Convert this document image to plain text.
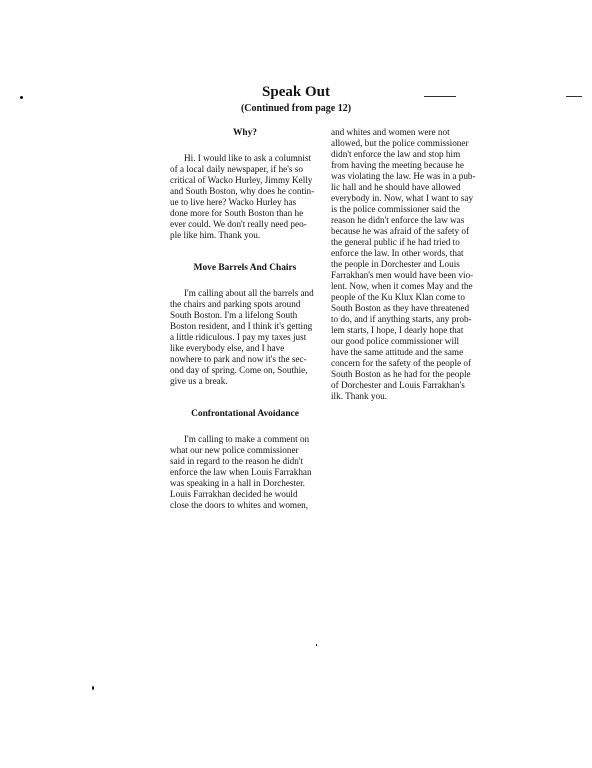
Speak Out
(Continued from page 12)
Why?

Hi. I would like to ask a columnist
of a local daily newspaper, if he's so
critical of Wacko Hurley, Jimmy Kelly
and South Boston, why does he contin-
ue to live here? Wacko Hurley has
done more for South Boston than he
ever could. We don't really need peo-
ple like him. Thank you.

Move Barrels And Chairs

I'm calling about all the barrels and
the chairs and parking spots around
South Boston. I'm a lifelong South
Boston resident, and I think it's getting
a little ridiculous. I pay my taxes just
like everybody else, and I have
nowhere to park and now it's the sec-
ond day of spring. Come on, Southie,
give us a break.

Confrontational Avoidance

I'm calling to make a comment on
what our new police commissioner
said in regard to the reason he didn't
enforce the law when Louis Farrakhan
was speaking in a hall in Dorchester.
Louis Farrakhan decided he would
close the doors to whites and women,

and whites and women were not
allowed, but the police commissioner
didn't enforce the law and stop him
from having the meeting because he
was violating the law. He was in a pub-
lic hall and he should have allowed
everybody in. Now, what I want to say
is the police commissioner said the
reason he didn't enforce the law was
because he was afraid of the safety of
the general public if he had tried to
enforce the law. In other words, that
the people in Dorchester and Louis
Farrakhan's men would have been vio-
lent. Now, when it comes May and the
people of the Ku Klux Klan come to
South Boston as they have threatened
to do, and if anything starts, any prob-
lem starts, I hope, I dearly hope that
our good police commissioner will
have the same attitude and the same
concern for the safety of the people of
South Boston as he had for the people
of Dorchester and Louis Farrakhan's
ilk. Thank you.
